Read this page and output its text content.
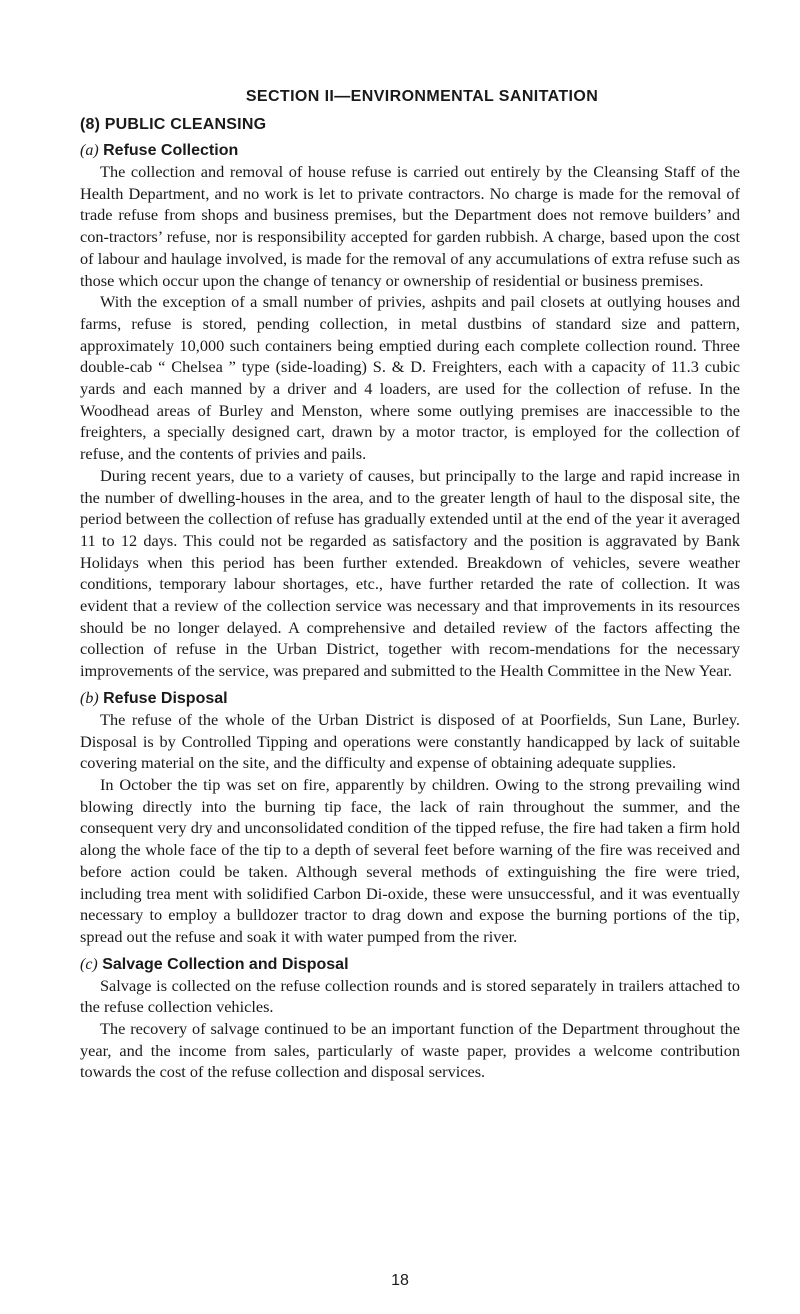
SECTION II—ENVIRONMENTAL SANITATION
(8) PUBLIC CLEANSING
(a) Refuse Collection

The collection and removal of house refuse is carried out entirely by the Cleansing Staff of the Health Department, and no work is let to private contractors. No charge is made for the removal of trade refuse from shops and business premises, but the Department does not remove builders’ and con-tractors’ refuse, nor is responsibility accepted for garden rubbish. A charge, based upon the cost of labour and haulage involved, is made for the removal of any accumulations of extra refuse such as those which occur upon the change of tenancy or ownership of residential or business premises.

With the exception of a small number of privies, ashpits and pail closets at outlying houses and farms, refuse is stored, pending collection, in metal dustbins of standard size and pattern, approximately 10,000 such containers being emptied during each complete collection round. Three double-cab “ Chelsea ” type (side-loading) S. & D. Freighters, each with a capacity of 11.3 cubic yards and each manned by a driver and 4 loaders, are used for the collection of refuse. In the Woodhead areas of Burley and Menston, where some outlying premises are inaccessible to the freighters, a specially designed cart, drawn by a motor tractor, is employed for the collection of refuse, and the contents of privies and pails.

During recent years, due to a variety of causes, but principally to the large and rapid increase in the number of dwelling-houses in the area, and to the greater length of haul to the disposal site, the period between the collection of refuse has gradually extended until at the end of the year it averaged 11 to 12 days. This could not be regarded as satisfactory and the position is aggravated by Bank Holidays when this period has been further extended. Breakdown of vehicles, severe weather conditions, temporary labour shortages, etc., have further retarded the rate of collection. It was evident that a review of the collection service was necessary and that improvements in its resources should be no longer delayed. A comprehensive and detailed review of the factors affecting the collection of refuse in the Urban District, together with recom-mendations for the necessary improvements of the service, was prepared and submitted to the Health Committee in the New Year.

(b) Refuse Disposal

The refuse of the whole of the Urban District is disposed of at Poorfields, Sun Lane, Burley. Disposal is by Controlled Tipping and operations were constantly handicapped by lack of suitable covering material on the site, and the difficulty and expense of obtaining adequate supplies.

In October the tip was set on fire, apparently by children. Owing to the strong prevailing wind blowing directly into the burning tip face, the lack of rain throughout the summer, and the consequent very dry and unconsolidated condition of the tipped refuse, the fire had taken a firm hold along the whole face of the tip to a depth of several feet before warning of the fire was received and before action could be taken. Although several methods of extinguishing the fire were tried, including trea ment with solidified Carbon Di-oxide, these were unsuccessful, and it was eventually necessary to employ a bulldozer tractor to drag down and expose the burning portions of the tip, spread out the refuse and soak it with water pumped from the river.

(c) Salvage Collection and Disposal

Salvage is collected on the refuse collection rounds and is stored separately in trailers attached to the refuse collection vehicles.

The recovery of salvage continued to be an important function of the Department throughout the year, and the income from sales, particularly of waste paper, provides a welcome contribution towards the cost of the refuse collection and disposal services.

18
